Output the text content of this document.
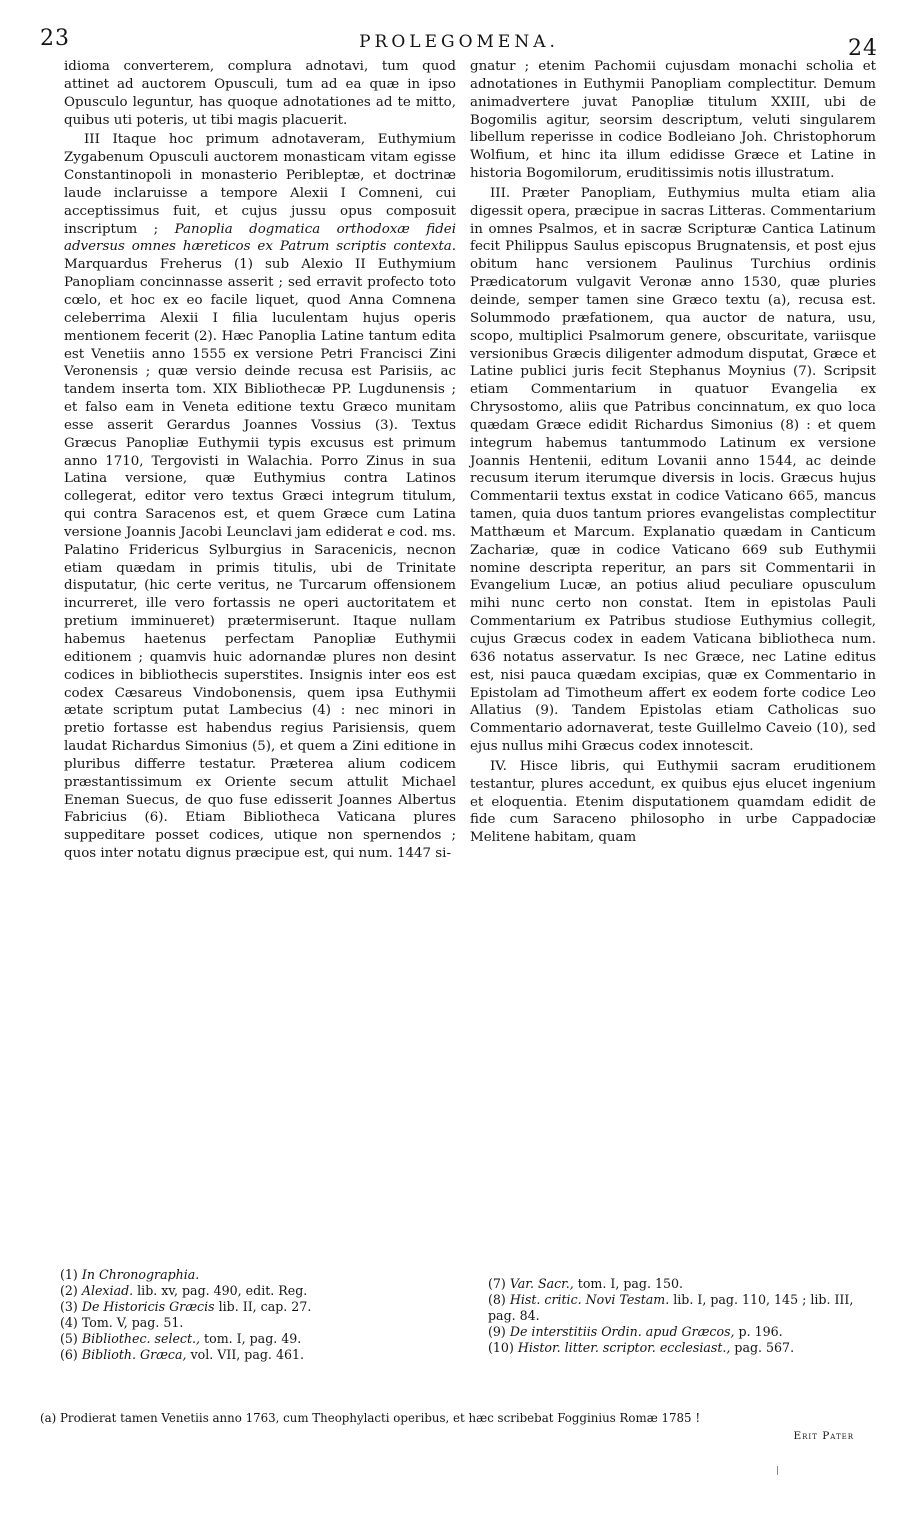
23	PROLEGOMENA.	24

idioma converterem, complura adnotavi, tum quod attinet ad auctorem Opusculi, tum ad ea quæ in ipso Opusculo leguntur, has quoque adnotationes ad te mitto, quibus uti poteris, ut tibi magis placuerit.

III Itaque hoc primum adnotaveram, Euthymium Zygabenum Opusculi auctorem monasticam vitam egisse Constantinopoli in monasterio Peribleptæ, et doctrinæ laude inclaruisse a tempore Alexii I Comneni, cui acceptissimus fuit, et cujus jussu opus composuit inscriptum ; Panoplia dogmatica orthodoxæ fidei adversus omnes hæreticos ex Patrum scriptis contexta. Marquardus Freherus (1) sub Alexio II Euthymium Panopliam concinnasse asserit ; sed erravit profecto toto cœlo, et hoc ex eo facile liquet, quod Anna Comnena celeberrima Alexii I filia luculentam hujus operis mentionem fecerit (2). Hæc Panoplia Latine tantum edita est Venetiis anno 1555 ex versione Petri Francisci Zini Veronensis ; quæ versio deinde recusa est Parisiis, ac tandem inserta tom. XIX Bibliothecæ PP. Lugdunensis ; et falso eam in Veneta editione textu Græco munitam esse asserit Gerardus Joannes Vossius (3). Textus Græcus Panopliæ Euthymii typis excusus est primum anno 1710, Tergovisti in Walachia. Porro Zinus in sua Latina versione, quæ Euthymius contra Latinos collegerat, editor vero textus Græci integrum titulum, qui contra Saracenos est, et quem Græce cum Latina versione Joannis Jacobi Leunclavi jam ediderat e cod. ms. Palatino Fridericus Sylburgius in Saracenicis, necnon etiam quædam in primis titulis, ubi de Trinitate disputatur, (hic certe veritus, ne Turcarum offensionem incurreret, ille vero fortassis ne operi auctoritatem et pretium imminueret) prætermiserunt. Itaque nullam habemus haetenus perfectam Panopliæ Euthymii editionem ; quamvis huic adornandæ plures non desint codices in bibliothecis superstites. Insignis inter eos est codex Cæsareus Vindobonensis, quem ipsa Euthymii ætate scriptum putat Lambecius (4) : nec minori in pretio fortasse est habendus regius Parisiensis, quem laudat Richardus Simonius (5), et quem a Zini editione in pluribus differre testatur. Præterea alium codicem præstantissimum ex Oriente secum attulit Michael Eneman Suecus, de quo fuse edisserit Joannes Albertus Fabricius (6). Etiam Bibliotheca Vaticana plures suppeditare posset codices, utique non spernendos ; quos inter notatu dignus præcipue est, qui num. 1447 si-

gnatur ; etenim Pachomii cujusdam monachi scholia et adnotationes in Euthymii Panopliam complectitur. Demum animadvertere juvat Panopliæ titulum XXIII, ubi de Bogomilis agitur, seorsim descriptum, veluti singularem libellum reperisse in codice Bodleiano Joh. Christophorum Wolfium, et hinc ita illum edidisse Græce et Latine in historia Bogomilorum, eruditissimis notis illustratum.

III. Præter Panopliam, Euthymius multa etiam alia digessit opera, præcipue in sacras Litteras. Commentarium in omnes Psalmos, et in sacræ Scripturæ Cantica Latinum fecit Philippus Saulus episcopus Brugnatensis, et post ejus obitum hanc versionem Paulinus Turchius ordinis Prædicatorum vulgavit Veronæ anno 1530, quæ pluries deinde, semper tamen sine Græco textu (a), recusa est. Solummodo præfationem, qua auctor de natura, usu, scopo, multiplici Psalmorum genere, obscuritate, variisque versionibus Græcis diligenter admodum disputat, Græce et Latine publici juris fecit Stephanus Moynius (7). Scripsit etiam Commentarium in quatuor Evangelia ex Chrysostomo, aliis que Patribus concinnatum, ex quo loca quædam Græce edidit Richardus Simonius (8) : et quem integrum habemus tantummodo Latinum ex versione Joannis Hentenii, editum Lovanii anno 1544, ac deinde recusum iterum iterumque diversis in locis. Græcus hujus Commentarii textus exstat in codice Vaticano 665, mancus tamen, quia duos tantum priores evangelistas complectitur Matthæum et Marcum. Explanatio quædam in Canticum Zachariæ, quæ in codice Vaticano 669 sub Euthymii nomine descripta reperitur, an pars sit Commentarii in Evangelium Lucæ, an potius aliud peculiare opusculum mihi nunc certo non constat. Item in epistolas Pauli Commentarium ex Patribus studiose Euthymius collegit, cujus Græcus codex in eadem Vaticana bibliotheca num. 636 notatus asservatur. Is nec Græce, nec Latine editus est, nisi pauca quædam excipias, quæ ex Commentario in Epistolam ad Timotheum affert ex eodem forte codice Leo Allatius (9). Tandem Epistolas etiam Catholicas suo Commentario adornaverat, teste Guillelmo Caveio (10), sed ejus nullus mihi Græcus codex innotescit.

IV. Hisce libris, qui Euthymii sacram eruditionem testantur, plures accedunt, ex quibus ejus elucet ingenium et eloquentia. Etenim disputationem quamdam edidit de fide cum Saraceno philosopho in urbe Cappadociæ Melitene habitam, quam

(1) In Chronographia.
(2) Alexiad. lib. xv, pag. 490, edit. Reg.
(3) De Historicis Græcis lib. II, cap. 27.
(4) Tom. V, pag. 51.
(5) Bibliothec. select., tom. I, pag. 49.
(6) Biblioth. Græca, vol. VII, pag. 461.
(7) Var. Sacr., tom. I, pag. 150.
(8) Hist. critic. Novi Testam. lib. I, pag. 110, 145 ; lib. III, pag. 84.
(9) De interstitiis Ordin. apud Græcos, p. 196.
(10) Histor. litter. scriptor. ecclesiast., pag. 567.
(a) Prodierat tamen Venetiis anno 1763, cum Theophylacti operibus, et hæc scribebat Fogginius Romæ 1785 !
Erit Pater
